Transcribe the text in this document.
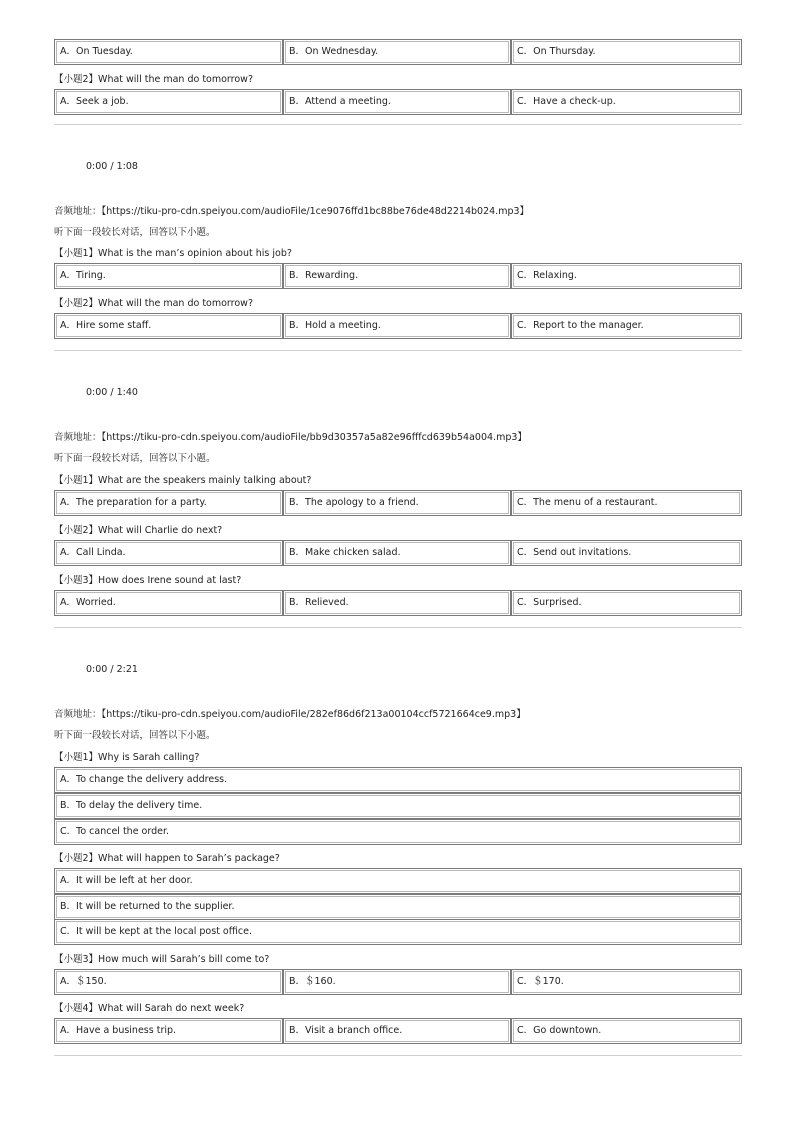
A．On Tuesday.	B．On Wednesday.	C．On Thursday.
【小题2】What will the man do tomorrow?
A．Seek a job.	B．Attend a meeting.	C．Have a check-up.
0:00 / 1:08
音频地址：【https://tiku-pro-cdn.speiyou.com/audioFile/1ce9076ffd1bc88be76de48d2214b024.mp3】
听下面一段较长对话，回答以下小题。
【小题1】What is the man’s opinion about his job?
A．Tiring.	B．Rewarding.	C．Relaxing.
【小题2】What will the man do tomorrow?
A．Hire some staff.	B．Hold a meeting.	C．Report to the manager.
0:00 / 1:40
音频地址：【https://tiku-pro-cdn.speiyou.com/audioFile/bb9d30357a5a82e96fffcd639b54a004.mp3】
听下面一段较长对话，回答以下小题。
【小题1】What are the speakers mainly talking about?
A．The preparation for a party.	B．The apology to a friend.	C．The menu of a restaurant.
【小题2】What will Charlie do next?
A．Call Linda.	B．Make chicken salad.	C．Send out invitations.
【小题3】How does Irene sound at last?
A．Worried.	B．Relieved.	C．Surprised.
0:00 / 2:21
音频地址：【https://tiku-pro-cdn.speiyou.com/audioFile/282ef86d6f213a00104ccf5721664ce9.mp3】
听下面一段较长对话，回答以下小题。
【小题1】Why is Sarah calling?
A．To change the delivery address.
B．To delay the delivery time.
C．To cancel the order.
【小题2】What will happen to Sarah’s package?
A．It will be left at her door.
B．It will be returned to the supplier.
C．It will be kept at the local post office.
【小题3】How much will Sarah’s bill come to?
A．＄150.	B．＄160.	C．＄170.
【小题4】What will Sarah do next week?
A．Have a business trip.	B．Visit a branch office.	C．Go downtown.
